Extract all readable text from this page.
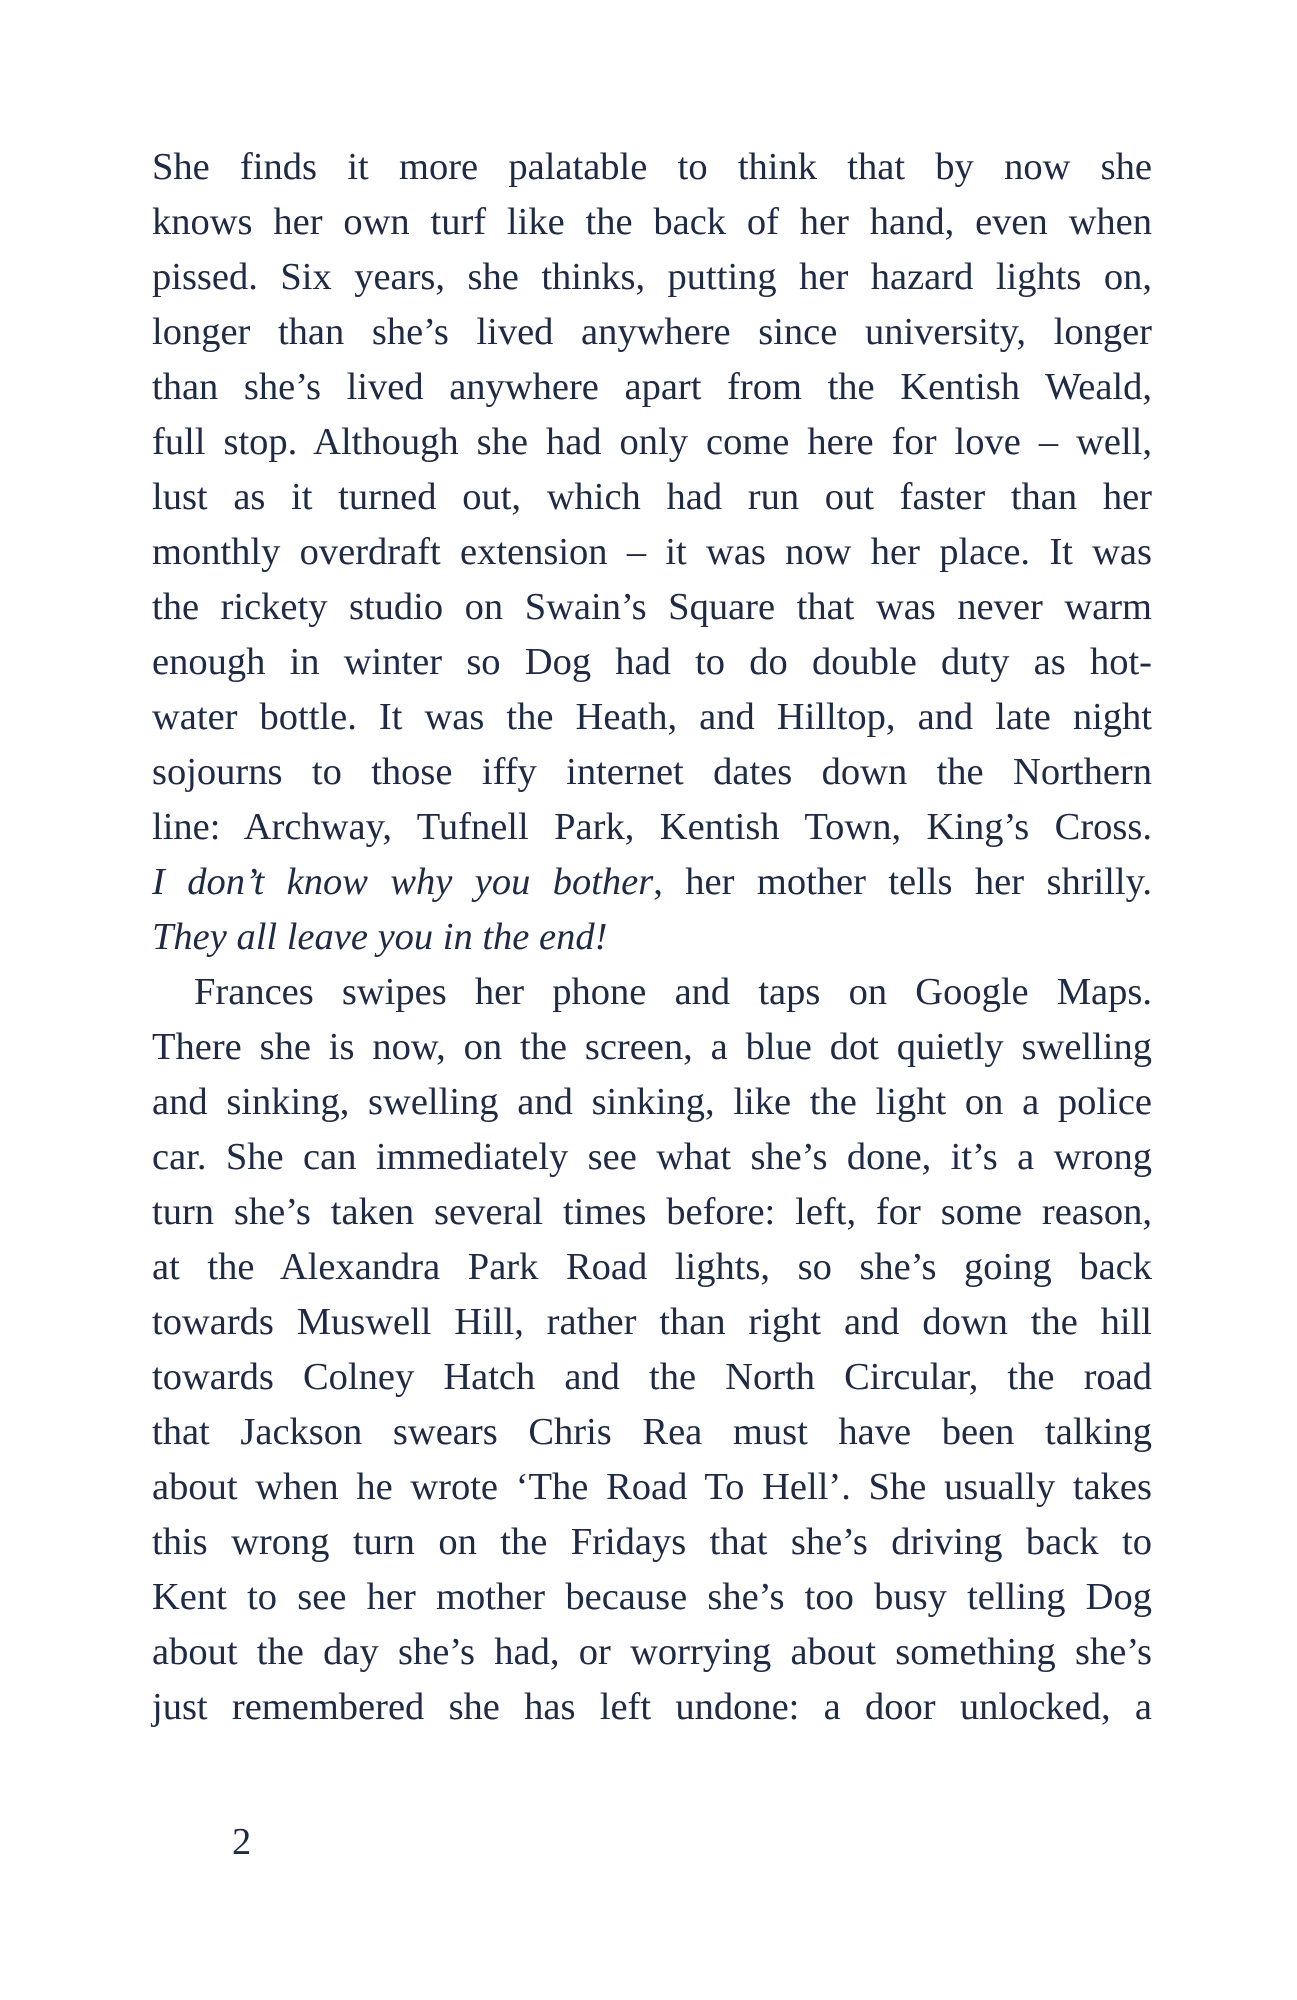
She finds it more palatable to think that by now she
knows her own turf like the back of her hand, even when
pissed. Six years, she thinks, putting her hazard lights on,
longer than she’s lived anywhere since university, longer
than she’s lived anywhere apart from the Kentish Weald,
full stop. Although she had only come here for love – well,
lust as it turned out, which had run out faster than her
monthly overdraft extension – it was now her place. It was
the rickety studio on Swain’s Square that was never warm
enough in winter so Dog had to do double duty as hot-
water bottle. It was the Heath, and Hilltop, and late night
sojourns to those iffy internet dates down the Northern
line: Archway, Tufnell Park, Kentish Town, King’s Cross.
I don’t know why you bother, her mother tells her shrilly.
They all leave you in the end!
Frances swipes her phone and taps on Google Maps.
There she is now, on the screen, a blue dot quietly swelling
and sinking, swelling and sinking, like the light on a police
car. She can immediately see what she’s done, it’s a wrong
turn she’s taken several times before: left, for some reason,
at the Alexandra Park Road lights, so she’s going back
towards Muswell Hill, rather than right and down the hill
towards Colney Hatch and the North Circular, the road
that Jackson swears Chris Rea must have been talking
about when he wrote ‘The Road To Hell’. She usually takes
this wrong turn on the Fridays that she’s driving back to
Kent to see her mother because she’s too busy telling Dog
about the day she’s had, or worrying about something she’s
just remembered she has left undone: a door unlocked, a
2
